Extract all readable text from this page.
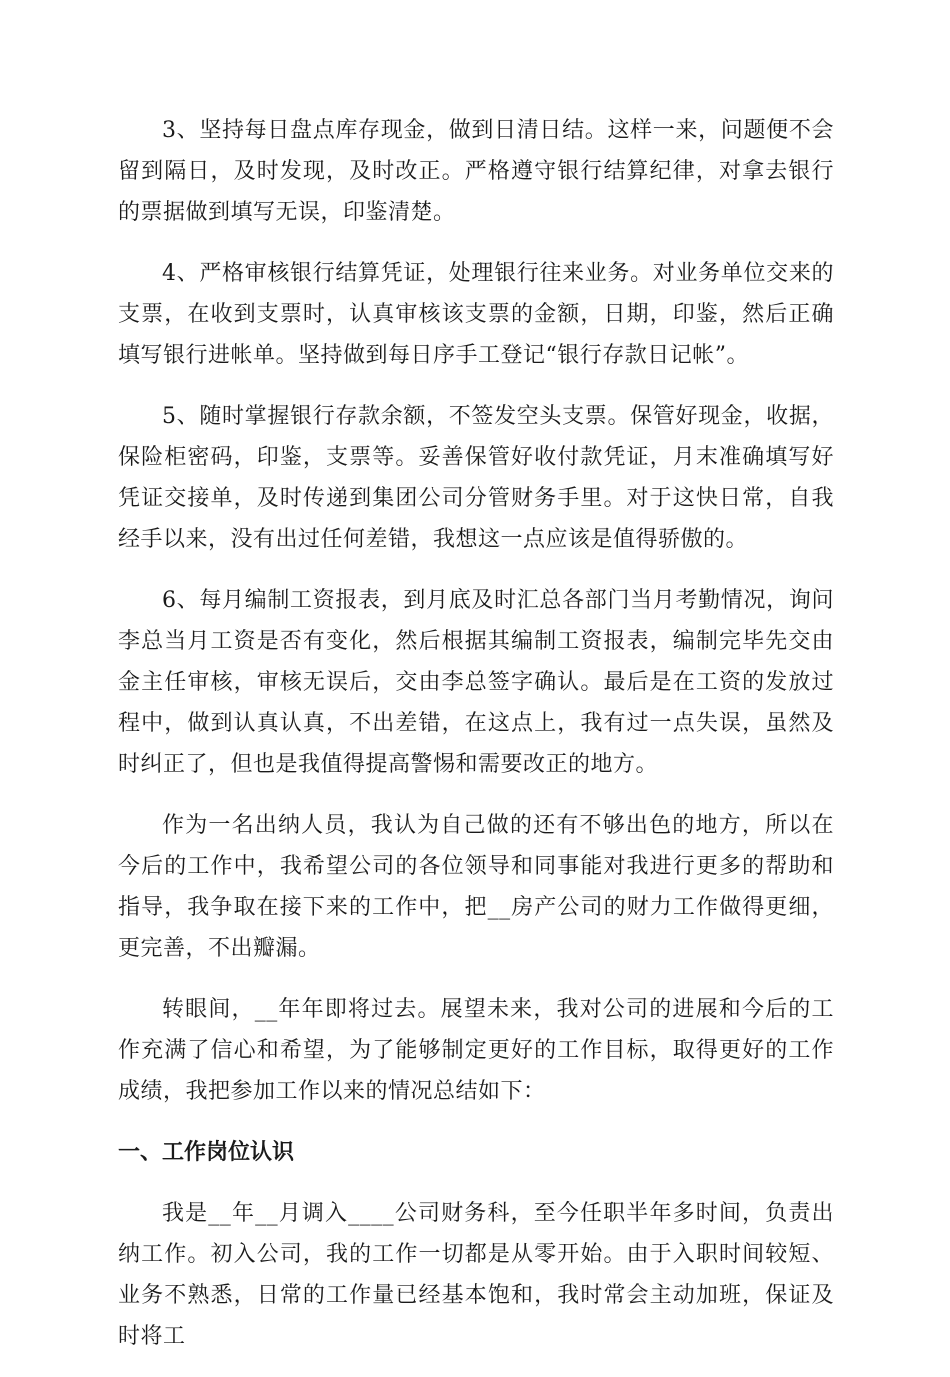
3、坚持每日盘点库存现金，做到日清日结。这样一来，问题便不会留到隔日，及时发现，及时改正。严格遵守银行结算纪律，对拿去银行的票据做到填写无误，印鉴清楚。

4、严格审核银行结算凭证，处理银行往来业务。对业务单位交来的支票，在收到支票时，认真审核该支票的金额，日期，印鉴，然后正确填写银行进帐单。坚持做到每日序手工登记“银行存款日记帐”。

5、随时掌握银行存款余额，不签发空头支票。保管好现金，收据，保险柜密码，印鉴，支票等。妥善保管好收付款凭证，月末准确填写好凭证交接单，及时传递到集团公司分管财务手里。对于这快日常，自我经手以来，没有出过任何差错，我想这一点应该是值得骄傲的。

6、每月编制工资报表，到月底及时汇总各部门当月考勤情况，询问李总当月工资是否有变化，然后根据其编制工资报表，编制完毕先交由金主任审核，审核无误后，交由李总签字确认。最后是在工资的发放过程中，做到认真认真，不出差错，在这点上，我有过一点失误，虽然及时纠正了，但也是我值得提高警惕和需要改正的地方。

作为一名出纳人员，我认为自己做的还有不够出色的地方，所以在今后的工作中，我希望公司的各位领导和同事能对我进行更多的帮助和指导，我争取在接下来的工作中，把__房产公司的财力工作做得更细，更完善，不出瓣漏。

转眼间，__年年即将过去。展望未来，我对公司的进展和今后的工作充满了信心和希望，为了能够制定更好的工作目标，取得更好的工作成绩，我把参加工作以来的情况总结如下：

一、工作岗位认识

我是__年__月调入____公司财务科，至今任职半年多时间，负责出纳工作。初入公司，我的工作一切都是从零开始。由于入职时间较短、业务不熟悉，日常的工作量已经基本饱和，我时常会主动加班，保证及时将工
